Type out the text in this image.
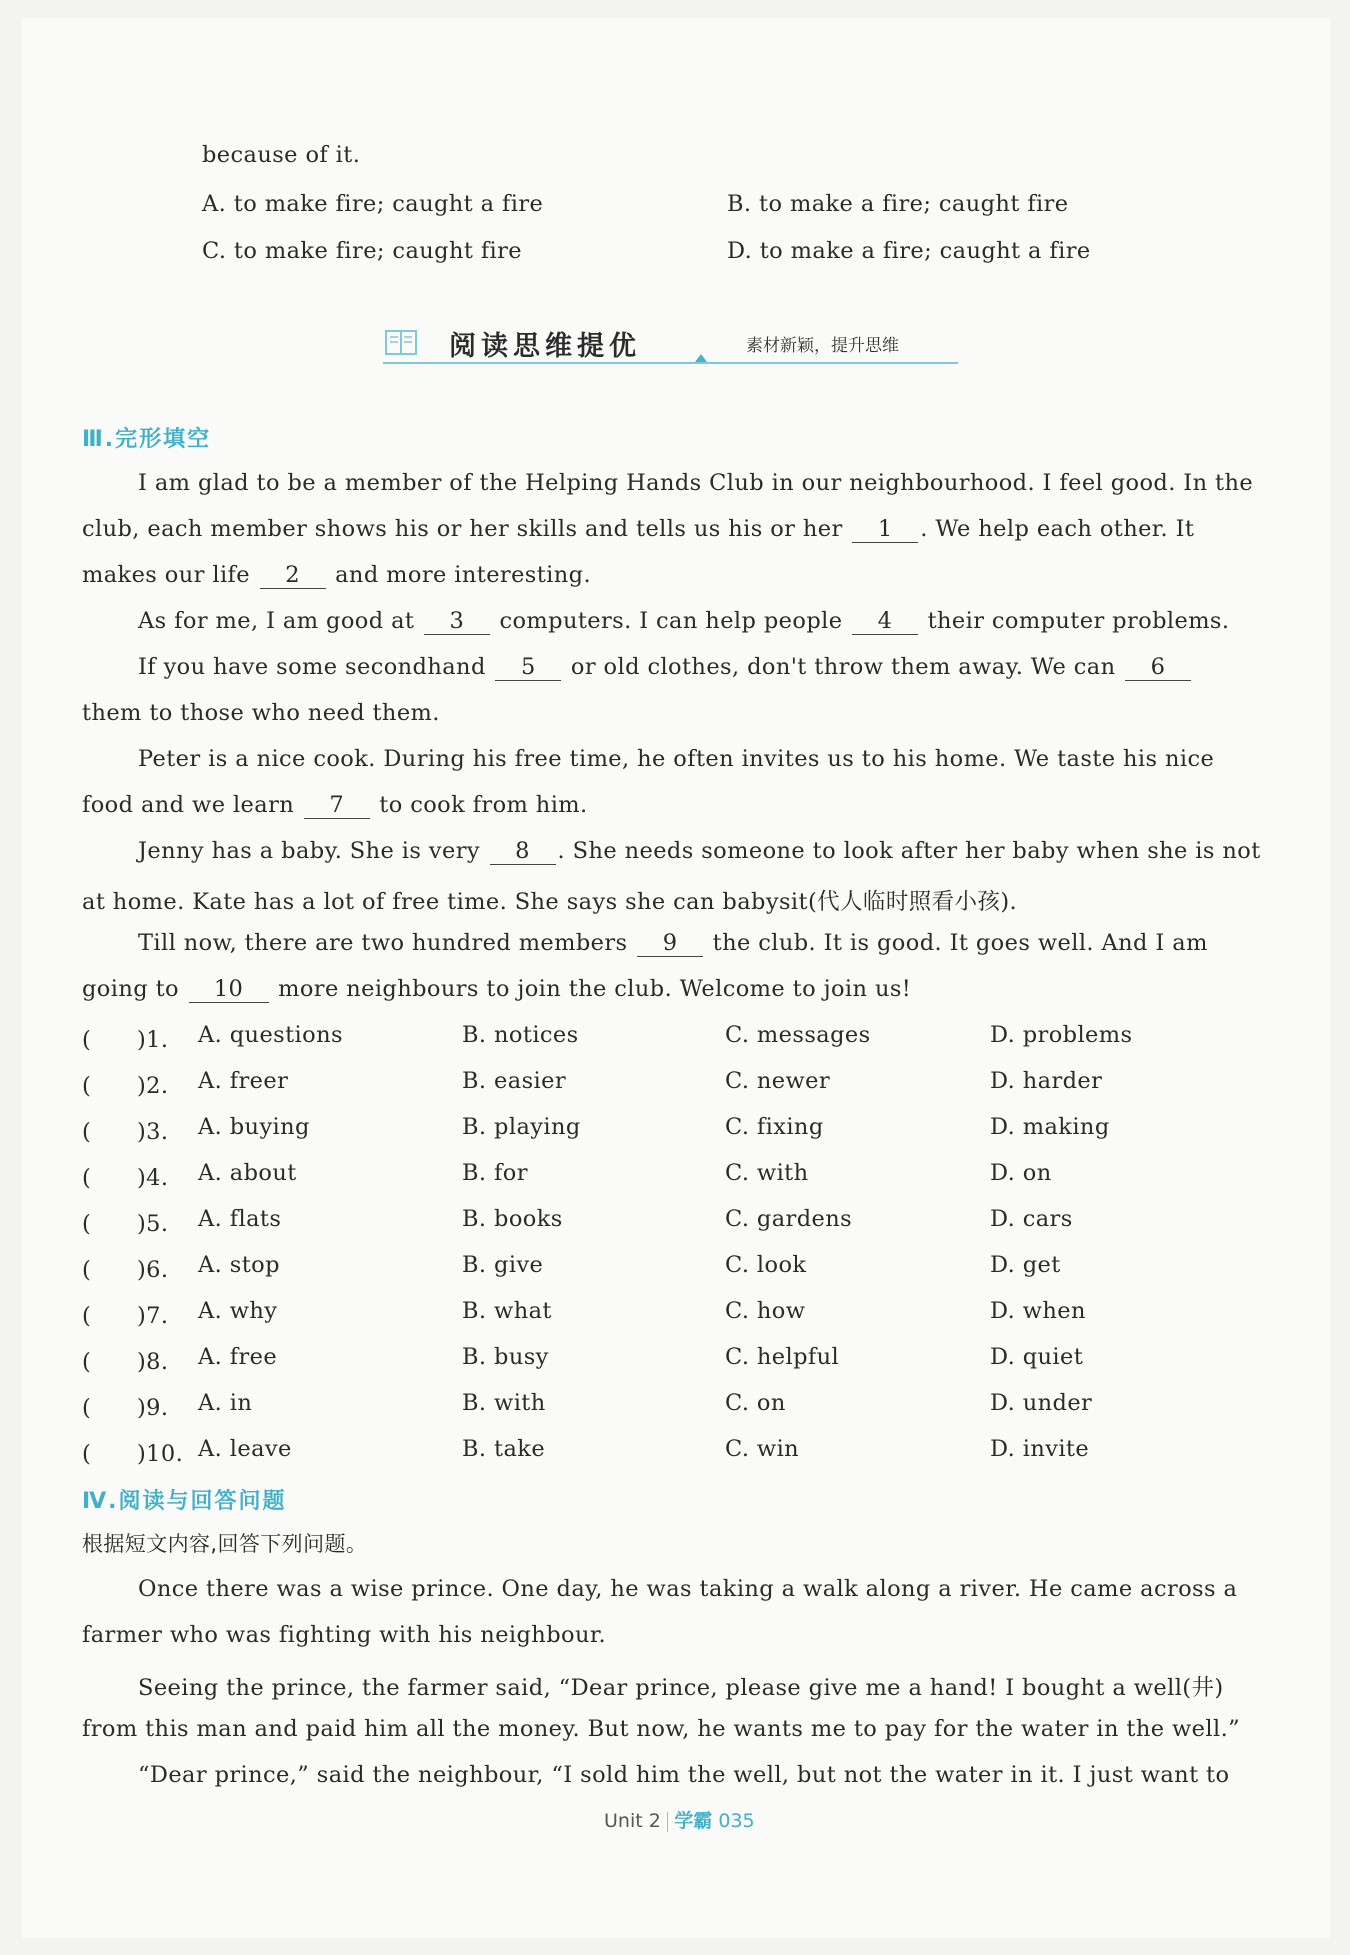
because of it.
A. to make fire; caught a fire	B. to make a fire; caught fire
C. to make fire; caught fire	D. to make a fire; caught a fire
阅读思维提优	素材新颖，提升思维
Ⅲ.完形填空
I am glad to be a member of the Helping Hands Club in our neighbourhood. I feel good. In the
club, each member shows his or her skills and tells us his or her 1 . We help each other. It
makes our life 2 and more interesting.
As for me, I am good at 3 computers. I can help people 4 their computer problems.
If you have some secondhand 5 or old clothes, don't throw them away. We can 6
them to those who need them.
Peter is a nice cook. During his free time, he often invites us to his home. We taste his nice
food and we learn 7 to cook from him.
Jenny has a baby. She is very 8 . She needs someone to look after her baby when she is not
at home. Kate has a lot of free time. She says she can babysit(代人临时照看小孩).
Till now, there are two hundred members 9 the club. It is good. It goes well. And I am
going to 10 more neighbours to join the club. Welcome to join us!
(　　)1.	A. questions	B. notices	C. messages	D. problems
(　　)2.	A. freer	B. easier	C. newer	D. harder
(　　)3.	A. buying	B. playing	C. fixing	D. making
(　　)4.	A. about	B. for	C. with	D. on
(　　)5.	A. flats	B. books	C. gardens	D. cars
(　　)6.	A. stop	B. give	C. look	D. get
(　　)7.	A. why	B. what	C. how	D. when
(　　)8.	A. free	B. busy	C. helpful	D. quiet
(　　)9.	A. in	B. with	C. on	D. under
(　　)10. A. leave	B. take	C. win	D. invite
Ⅳ.阅读与回答问题
根据短文内容,回答下列问题。
Once there was a wise prince. One day, he was taking a walk along a river. He came across a
farmer who was fighting with his neighbour.
Seeing the prince, the farmer said, “Dear prince, please give me a hand! I bought a well(井)
from this man and paid him all the money. But now, he wants me to pay for the water in the well.”
“Dear prince,” said the neighbour, “I sold him the well, but not the water in it. I just want to
Unit 2 学霸 035
